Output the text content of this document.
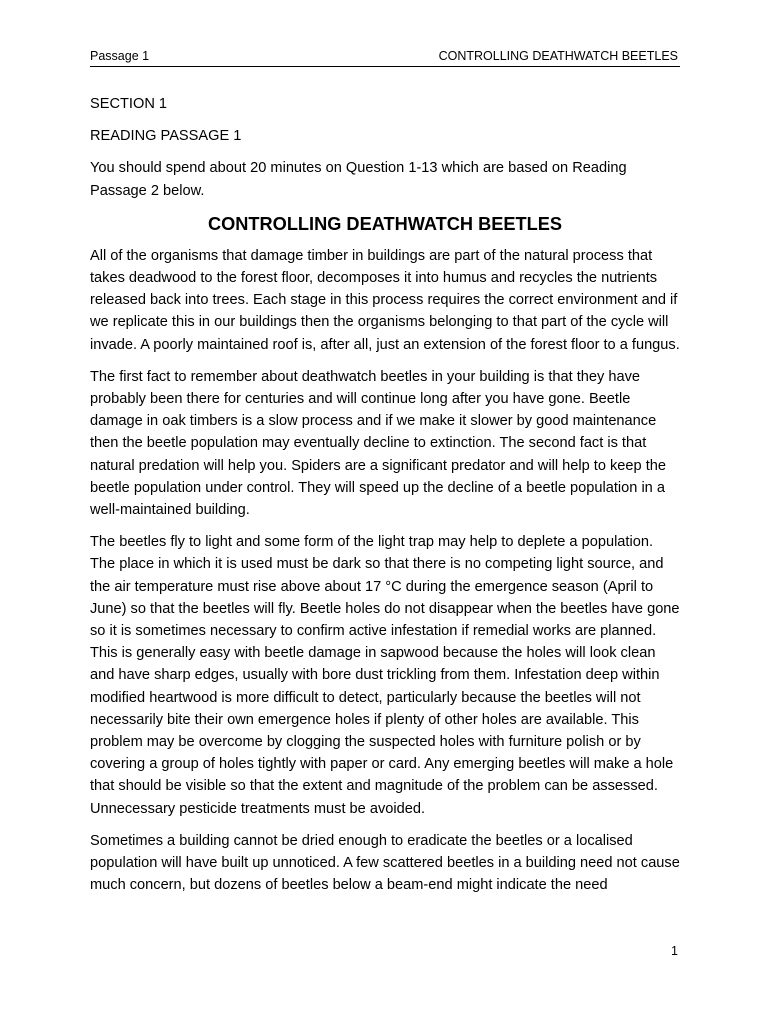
Passage 1	CONTROLLING DEATHWATCH BEETLES

SECTION 1

READING PASSAGE 1

You should spend about 20 minutes on Question 1-13 which are based on Reading Passage 2 below.

CONTROLLING DEATHWATCH BEETLES

All of the organisms that damage timber in buildings are part of the natural process that takes deadwood to the forest floor, decomposes it into humus and recycles the nutrients released back into trees. Each stage in this process requires the correct environment and if we replicate this in our buildings then the organisms belonging to that part of the cycle will invade. A poorly maintained roof is, after all, just an extension of the forest floor to a fungus.

The first fact to remember about deathwatch beetles in your building is that they have probably been there for centuries and will continue long after you have gone. Beetle damage in oak timbers is a slow process and if we make it slower by good maintenance then the beetle population may eventually decline to extinction. The second fact is that natural predation will help you. Spiders are a significant predator and will help to keep the beetle population under control. They will speed up the decline of a beetle population in a well-maintained building.

The beetles fly to light and some form of the light trap may help to deplete a population. The place in which it is used must be dark so that there is no competing light source, and the air temperature must rise above about 17 °C during the emergence season (April to June) so that the beetles will fly. Beetle holes do not disappear when the beetles have gone so it is sometimes necessary to confirm active infestation if remedial works are planned. This is generally easy with beetle damage in sapwood because the holes will look clean and have sharp edges, usually with bore dust trickling from them. Infestation deep within modified heartwood is more difficult to detect, particularly because the beetles will not necessarily bite their own emergence holes if plenty of other holes are available. This problem may be overcome by clogging the suspected holes with furniture polish or by covering a group of holes tightly with paper or card. Any emerging beetles will make a hole that should be visible so that the extent and magnitude of the problem can be assessed. Unnecessary pesticide treatments must be avoided.

Sometimes a building cannot be dried enough to eradicate the beetles or a localised population will have built up unnoticed. A few scattered beetles in a building need not cause much concern, but dozens of beetles below a beam-end might indicate the need

1
